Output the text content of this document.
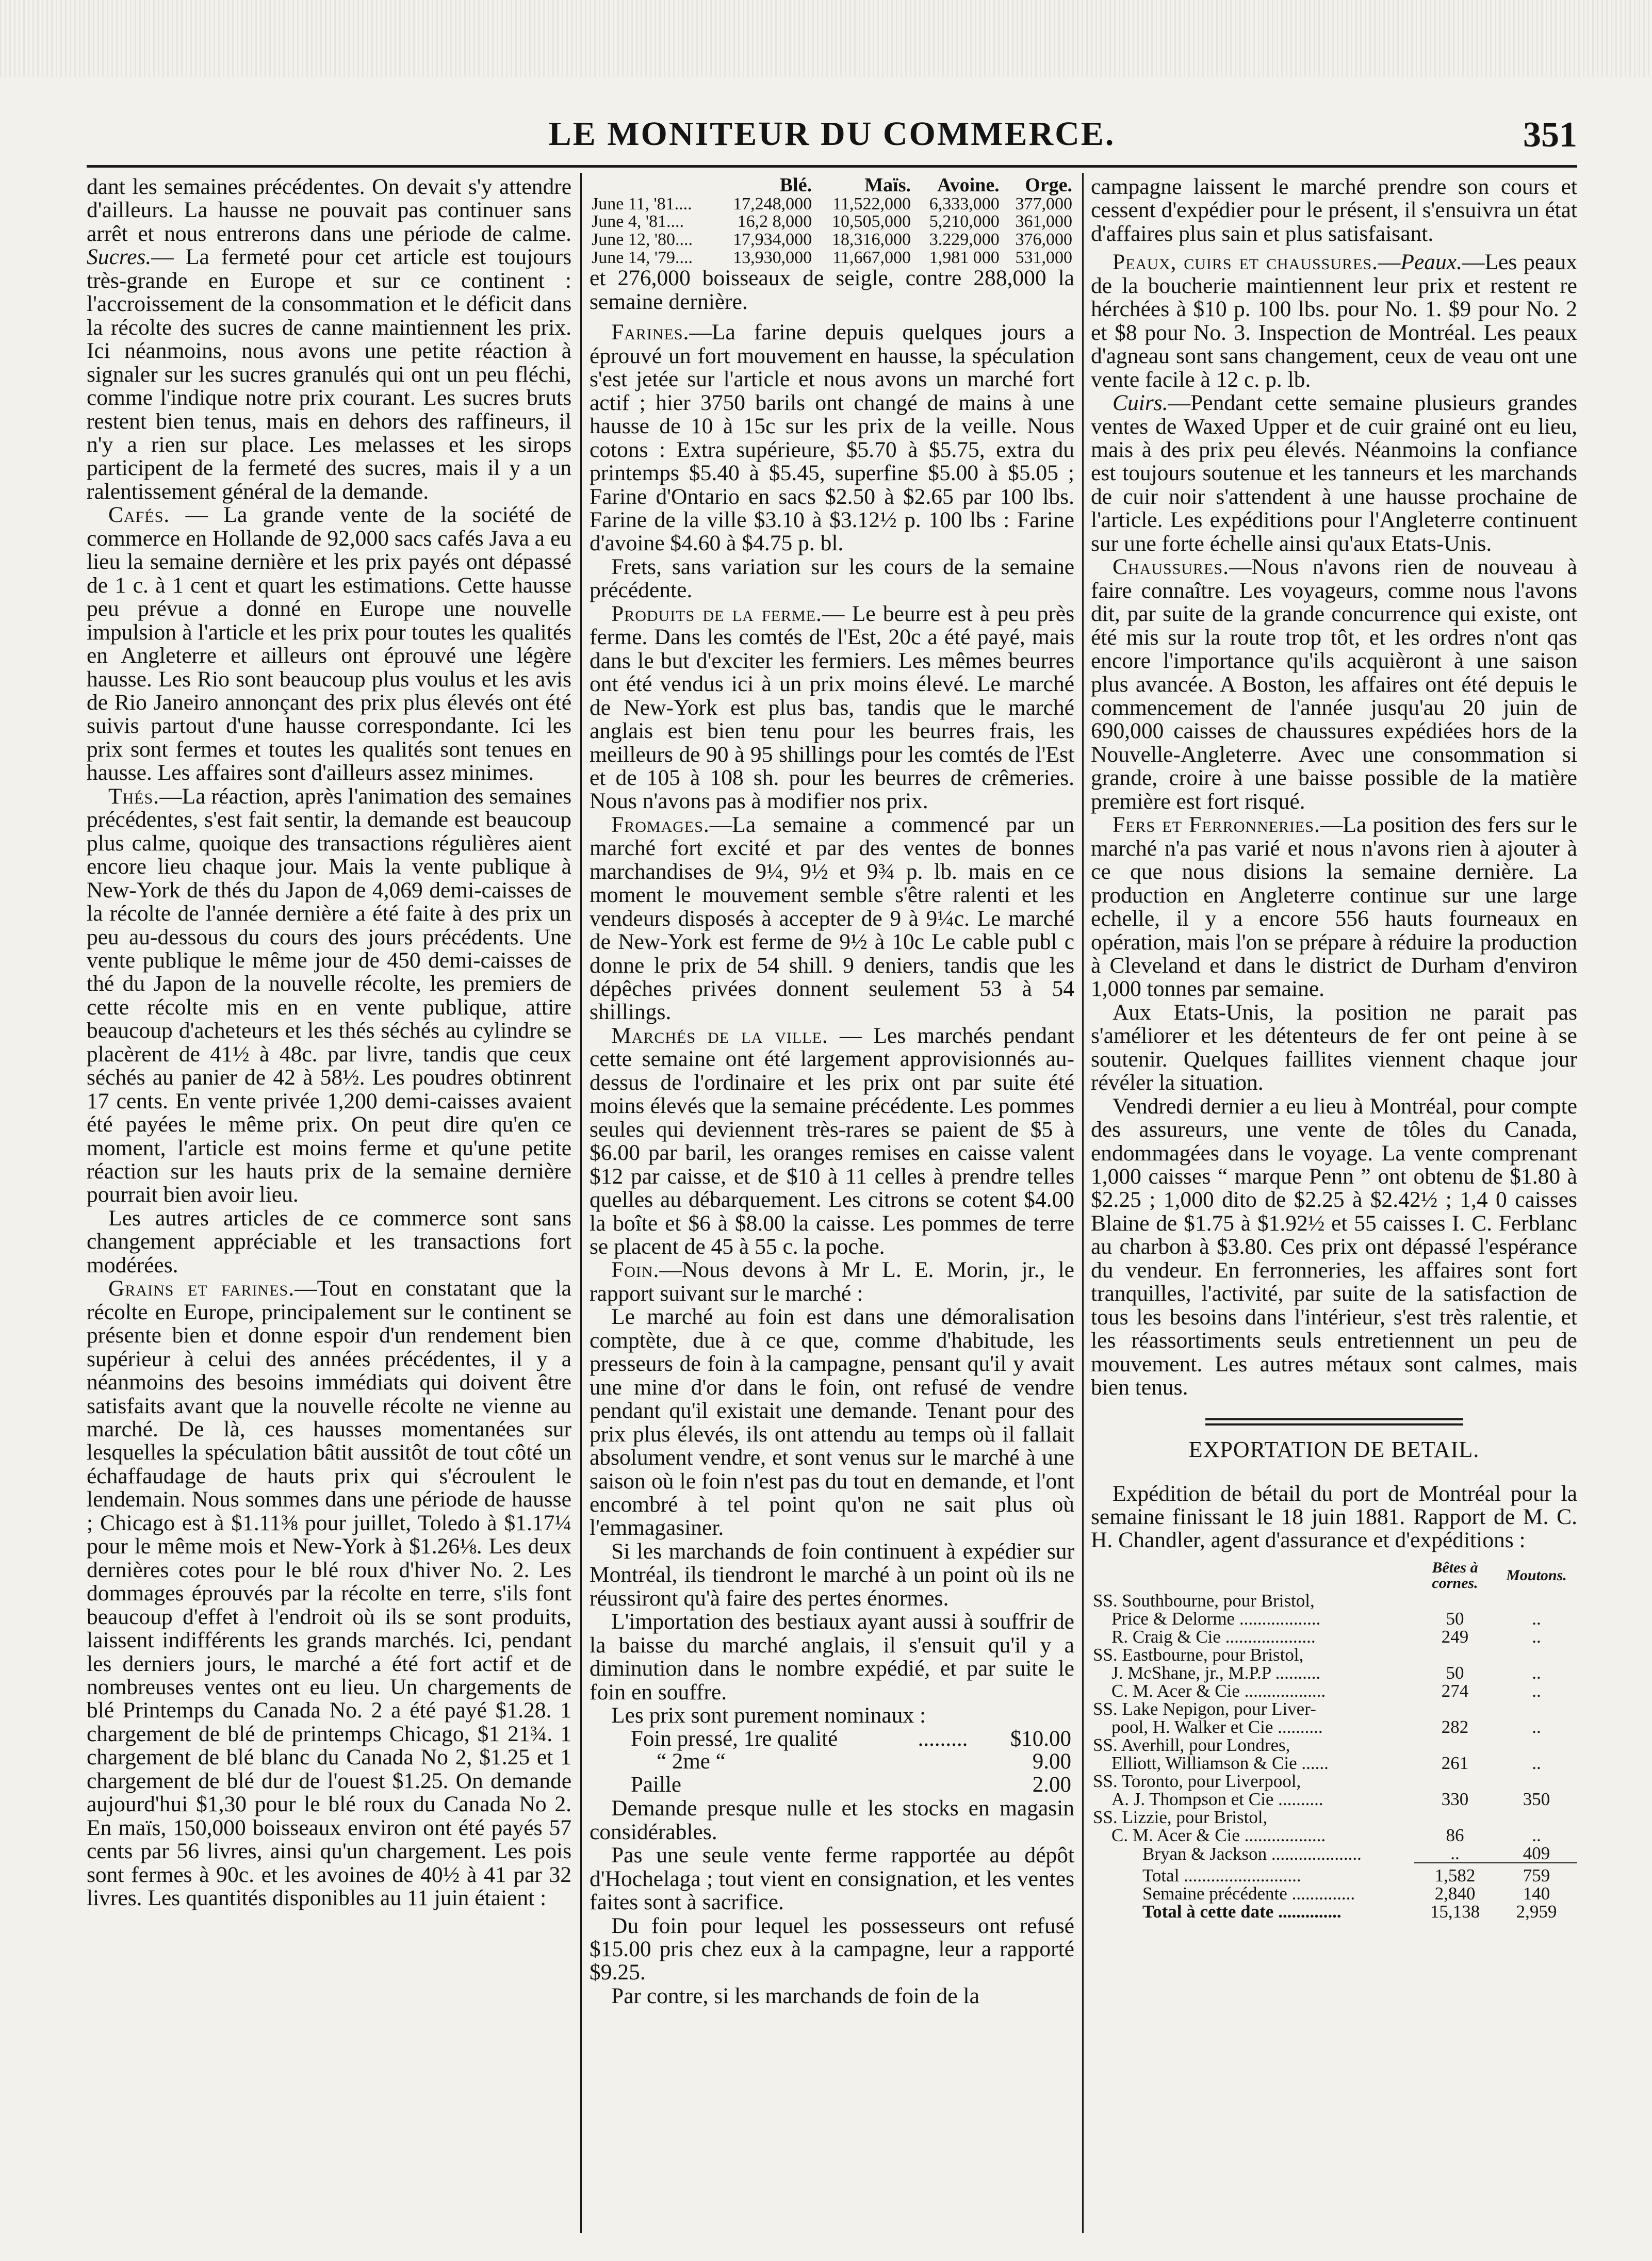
LE MONITEUR DU COMMERCE.	351

dant les semaines précédentes. On devait s'y attendre d'ailleurs. La hausse ne pouvait pas continuer sans arrêt et nous entrerons dans une période de calme. Sucres.— La fermeté pour cet article est toujours très-grande en Europe et sur ce continent : l'accroissement de la consommation et le déficit dans la récolte des sucres de canne maintiennent les prix. Ici néanmoins, nous avons une petite réaction à signaler sur les sucres granulés qui ont un peu fléchi, comme l'indique notre prix courant. Les sucres bruts restent bien tenus, mais en dehors des raffineurs, il n'y a rien sur place. Les melasses et les sirops participent de la fermeté des sucres, mais il y a un ralentissement général de la demande.

Cafés. — La grande vente de la société de commerce en Hollande de 92,000 sacs cafés Java a eu lieu la semaine dernière et les prix payés ont dépassé de 1 c. à 1 cent et quart les estimations. Cette hausse peu prévue a donné en Europe une nouvelle impulsion à l'article et les prix pour toutes les qualités en Angleterre et ailleurs ont éprouvé une légère hausse. Les Rio sont beaucoup plus voulus et les avis de Rio Janeiro annonçant des prix plus élevés ont été suivis partout d'une hausse correspondante. Ici les prix sont fermes et toutes les qualités sont tenues en hausse. Les affaires sont d'ailleurs assez minimes.

Thés.—La réaction, après l'animation des semaines précédentes, s'est fait sentir, la demande est beaucoup plus calme, quoique des transactions régulières aient encore lieu chaque jour. Mais la vente publique à New-York de thés du Japon de 4,069 demi-caisses de la récolte de l'année dernière a été faite à des prix un peu au-dessous du cours des jours précédents. Une vente publique le même jour de 450 demi-caisses de thé du Japon de la nouvelle récolte, les premiers de cette récolte mis en en vente publique, attire beaucoup d'acheteurs et les thés séchés au cylindre se placèrent de 41½ à 48c. par livre, tandis que ceux séchés au panier de 42 à 58½. Les poudres obtinrent 17 cents. En vente privée 1,200 demi-caisses avaient été payées le même prix. On peut dire qu'en ce moment, l'article est moins ferme et qu'une petite réaction sur les hauts prix de la semaine dernière pourrait bien avoir lieu.

Les autres articles de ce commerce sont sans changement appréciable et les transactions fort modérées.

Grains et farines.—Tout en constatant que la récolte en Europe, principalement sur le continent se présente bien et donne espoir d'un rendement bien supérieur à celui des années précédentes, il y a néanmoins des besoins immédiats qui doivent être satisfaits avant que la nouvelle récolte ne vienne au marché. De là, ces hausses momentanées sur lesquelles la spéculation bâtit aussitôt de tout côté un échaffaudage de hauts prix qui s'écroulent le lendemain. Nous sommes dans une période de hausse ; Chicago est à $1.11⅜ pour juillet, Toledo à $1.17¼ pour le même mois et New-York à $1.26⅛. Les deux dernières cotes pour le blé roux d'hiver No. 2. Les dommages éprouvés par la récolte en terre, s'ils font beaucoup d'effet à l'endroit où ils se sont produits, laissent indifférents les grands marchés. Ici, pendant les derniers jours, le marché a été fort actif et de nombreuses ventes ont eu lieu. Un chargements de blé Printemps du Canada No. 2 a été payé $1.28. 1 chargement de blé de printemps Chicago, $1 21¾. 1 chargement de blé blanc du Canada No 2, $1.25 et 1 chargement de blé dur de l'ouest $1.25. On demande aujourd'hui $1,30 pour le blé roux du Canada No 2. En maïs, 150,000 boisseaux environ ont été payés 57 cents par 56 livres, ainsi qu'un chargement. Les pois sont fermes à 90c. et les avoines de 40½ à 41 par 32 livres. Les quantités disponibles au 11 juin étaient :

	Blé.	Maïs.	Avoine.	Orge.
June 11, '81....	17,248,000	11,522,000	6,333,000	377,000
June 4, '81....	16,2 8,000	10,505,000	5,210,000	361,000
June 12, '80....	17,934,000	18,316,000	3.229,000	376,000
June 14, '79....	13,930,000	11,667,000	1,981 000	531,000

et 276,000 boisseaux de seigle, contre 288,000 la semaine dernière.

Farines.—La farine depuis quelques jours a éprouvé un fort mouvement en hausse, la spéculation s'est jetée sur l'article et nous avons un marché fort actif ; hier 3750 barils ont changé de mains à une hausse de 10 à 15c sur les prix de la veille. Nous cotons : Extra supérieure, $5.70 à $5.75, extra du printemps $5.40 à $5.45, superfine $5.00 à $5.05 ; Farine d'Ontario en sacs $2.50 à $2.65 par 100 lbs. Farine de la ville $3.10 à $3.12½ p. 100 lbs : Farine d'avoine $4.60 à $4.75 p. bl.

Frets, sans variation sur les cours de la semaine précédente.

Produits de la ferme.— Le beurre est à peu près ferme. Dans les comtés de l'Est, 20c a été payé, mais dans le but d'exciter les fermiers. Les mêmes beurres ont été vendus ici à un prix moins élevé. Le marché de New-York est plus bas, tandis que le marché anglais est bien tenu pour les beurres frais, les meilleurs de 90 à 95 shillings pour les comtés de l'Est et de 105 à 108 sh. pour les beurres de crêmeries. Nous n'avons pas à modifier nos prix.

Fromages.—La semaine a commencé par un marché fort excité et par des ventes de bonnes marchandises de 9¼, 9½ et 9¾ p. lb. mais en ce moment le mouvement semble s'être ralenti et les vendeurs disposés à accepter de 9 à 9¼c. Le marché de New-York est ferme de 9½ à 10c Le cable publ c donne le prix de 54 shill. 9 deniers, tandis que les dépêches privées donnent seulement 53 à 54 shillings.

Marchés de la ville. — Les marchés pendant cette semaine ont été largement approvisionnés au-dessus de l'ordinaire et les prix ont par suite été moins élevés que la semaine précédente. Les pommes seules qui deviennent très-rares se paient de $5 à $6.00 par baril, les oranges remises en caisse valent $12 par caisse, et de $10 à 11 celles à prendre telles quelles au débarquement. Les citrons se cotent $4.00 la boîte et $6 à $8.00 la caisse. Les pommes de terre se placent de 45 à 55 c. la poche.

Foin.—Nous devons à Mr L. E. Morin, jr., le rapport suivant sur le marché :

Le marché au foin est dans une démoralisation comptète, due à ce que, comme d'habitude, les presseurs de foin à la campagne, pensant qu'il y avait une mine d'or dans le foin, ont refusé de vendre pendant qu'il existait une demande. Tenant pour des prix plus élevés, ils ont attendu au temps où il fallait absolument vendre, et sont venus sur le marché à une saison où le foin n'est pas du tout en demande, et l'ont encombré à tel point qu'on ne sait plus où l'emmagasiner.

Si les marchands de foin continuent à expédier sur Montréal, ils tiendront le marché à un point où ils ne réussiront qu'à faire des pertes énormes.

L'importation des bestiaux ayant aussi à souffrir de la baisse du marché anglais, il s'ensuit qu'il y a diminution dans le nombre expédié, et par suite le foin en souffre.

Les prix sont purement nominaux :

Foin pressé, 1re qualité	.........	$10.00
“ 2me “		9.00
Paille		2.00

Demande presque nulle et les stocks en magasin considérables.

Pas une seule vente ferme rapportée au dépôt d'Hochelaga ; tout vient en consignation, et les ventes faites sont à sacrifice.

Du foin pour lequel les possesseurs ont refusé $15.00 pris chez eux à la campagne, leur a rapporté $9.25.

Par contre, si les marchands de foin de la

campagne laissent le marché prendre son cours et cessent d'expédier pour le présent, il s'ensuivra un état d'affaires plus sain et plus satisfaisant.

Peaux, cuirs et chaussures.—Peaux.—Les peaux de la boucherie maintiennent leur prix et restent re hérchées à $10 p. 100 lbs. pour No. 1. $9 pour No. 2 et $8 pour No. 3. Inspection de Montréal. Les peaux d'agneau sont sans changement, ceux de veau ont une vente facile à 12 c. p. lb.

Cuirs.—Pendant cette semaine plusieurs grandes ventes de Waxed Upper et de cuir grainé ont eu lieu, mais à des prix peu élevés. Néanmoins la confiance est toujours soutenue et les tanneurs et les marchands de cuir noir s'attendent à une hausse prochaine de l'article. Les expéditions pour l'Angleterre continuent sur une forte échelle ainsi qu'aux Etats-Unis.

Chaussures.—Nous n'avons rien de nouveau à faire connaître. Les voyageurs, comme nous l'avons dit, par suite de la grande concurrence qui existe, ont été mis sur la route trop tôt, et les ordres n'ont qas encore l'importance qu'ils acquièront à une saison plus avancée. A Boston, les affaires ont été depuis le commencement de l'année jusqu'au 20 juin de 690,000 caisses de chaussures expédiées hors de la Nouvelle-Angleterre. Avec une consommation si grande, croire à une baisse possible de la matière première est fort risqué.

Fers et Ferronneries.—La position des fers sur le marché n'a pas varié et nous n'avons rien à ajouter à ce que nous disions la semaine dernière. La production en Angleterre continue sur une large echelle, il y a encore 556 hauts fourneaux en opération, mais l'on se prépare à réduire la production à Cleveland et dans le district de Durham d'environ 1,000 tonnes par semaine.

Aux Etats-Unis, la position ne parait pas s'améliorer et les détenteurs de fer ont peine à se soutenir. Quelques faillites viennent chaque jour révéler la situation.

Vendredi dernier a eu lieu à Montréal, pour compte des assureurs, une vente de tôles du Canada, endommagées dans le voyage. La vente comprenant 1,000 caisses “ marque Penn ” ont obtenu de $1.80 à $2.25 ; 1,000 dito de $2.25 à $2.42½ ; 1,4 0 caisses Blaine de $1.75 à $1.92½ et 55 caisses I. C. Ferblanc au charbon à $3.80. Ces prix ont dépassé l'espérance du vendeur. En ferronneries, les affaires sont fort tranquilles, l'activité, par suite de la satisfaction de tous les besoins dans l'intérieur, s'est très ralentie, et les réassortiments seuls entretiennent un peu de mouvement. Les autres métaux sont calmes, mais bien tenus.

EXPORTATION DE BETAIL.

Expédition de bétail du port de Montréal pour la semaine finissant le 18 juin 1881. Rapport de M. C. H. Chandler, agent d'assurance et d'expéditions :

	Bêtes à cornes.	Moutons.
SS. Southbourne, pour Bristol,		
Price & Delorme ..................	50	..
R. Craig & Cie ....................	249	..
SS. Eastbourne, pour Bristol,		
J. McShane, jr., M.P.P ..........	50	..
C. M. Acer & Cie ..................	274	..
SS. Lake Nepigon, pour Liver-		
pool, H. Walker et Cie ..........	282	..
SS. Averhill, pour Londres,		
Elliott, Williamson & Cie ......	261	..
SS. Toronto, pour Liverpool,		
A. J. Thompson et Cie ..........	330	350
SS. Lizzie, pour Bristol,		
C. M. Acer & Cie ..................	86	..
Bryan & Jackson ....................	..	409
Total ..........................	1,582	759
Semaine précédente ..............	2,840	140
Total à cette date ..............	15,138	2,959
